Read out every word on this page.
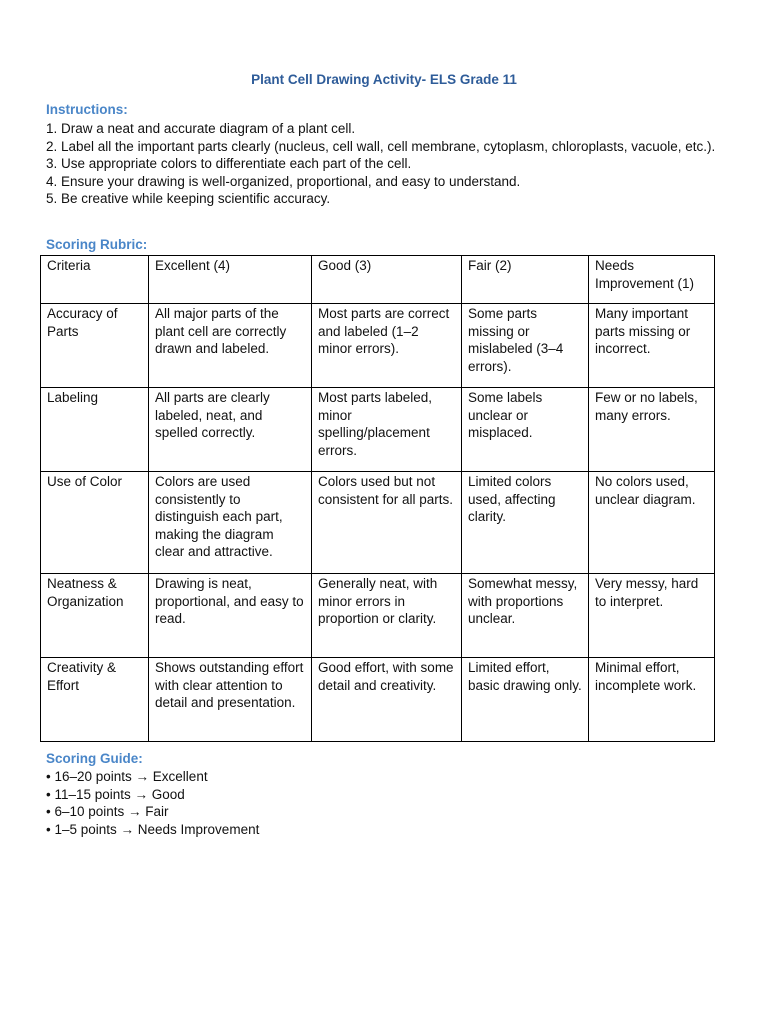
Plant Cell Drawing Activity- ELS Grade 11
Instructions:
1. Draw a neat and accurate diagram of a plant cell.
2. Label all the important parts clearly (nucleus, cell wall, cell membrane, cytoplasm, chloroplasts, vacuole, etc.).
3. Use appropriate colors to differentiate each part of the cell.
4. Ensure your drawing is well-organized, proportional, and easy to understand.
5. Be creative while keeping scientific accuracy.
Scoring Rubric:
Criteria	Excellent (4)	Good (3)	Fair (2)	Needs Improvement (1)
Accuracy of Parts	All major parts of the plant cell are correctly drawn and labeled.	Most parts are correct and labeled (1–2 minor errors).	Some parts missing or mislabeled (3–4 errors).	Many important parts missing or incorrect.
Labeling	All parts are clearly labeled, neat, and spelled correctly.	Most parts labeled, minor spelling/placement errors.	Some labels unclear or misplaced.	Few or no labels, many errors.
Use of Color	Colors are used consistently to distinguish each part, making the diagram clear and attractive.	Colors used but not consistent for all parts.	Limited colors used, affecting clarity.	No colors used, unclear diagram.
Neatness & Organization	Drawing is neat, proportional, and easy to read.	Generally neat, with minor errors in proportion or clarity.	Somewhat messy, with proportions unclear.	Very messy, hard to interpret.
Creativity & Effort	Shows outstanding effort with clear attention to detail and presentation.	Good effort, with some detail and creativity.	Limited effort, basic drawing only.	Minimal effort, incomplete work.
Scoring Guide:
• 16–20 points → Excellent
• 11–15 points → Good
• 6–10 points → Fair
• 1–5 points → Needs Improvement
